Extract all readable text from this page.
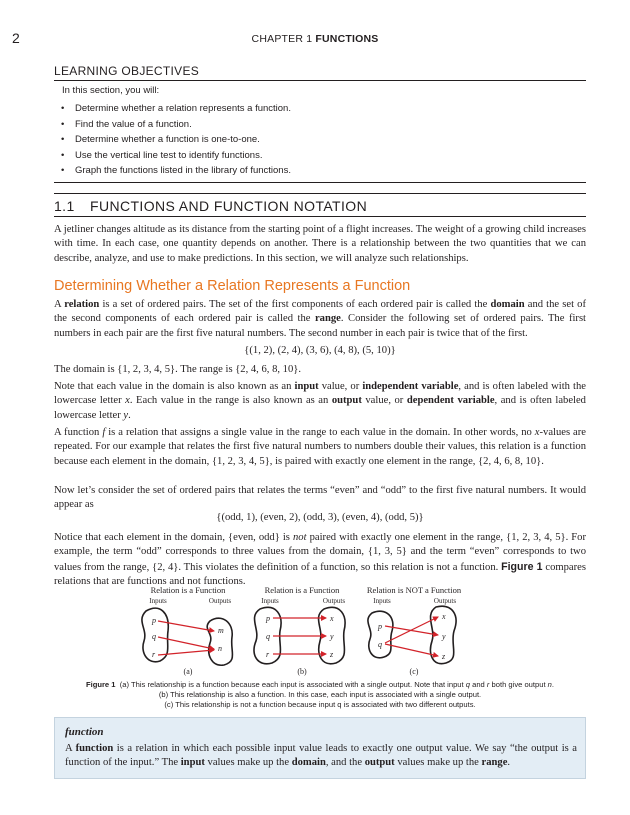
2	CHAPTER 1 FUNCTIONS
LEARNING OBJECTIVES
In this section, you will:
• Determine whether a relation represents a function.
• Find the value of a function.
• Determine whether a function is one-to-one.
• Use the vertical line test to identify functions.
• Graph the functions listed in the library of functions.
1.1 FUNCTIONS AND FUNCTION NOTATION
A jetliner changes altitude as its distance from the starting point of a flight increases. The weight of a growing child increases with time. In each case, one quantity depends on another. There is a relationship between the two quantities that we can describe, analyze, and use to make predictions. In this section, we will analyze such relationships.
Determining Whether a Relation Represents a Function
A relation is a set of ordered pairs. The set of the first components of each ordered pair is called the domain and the set of the second components of each ordered pair is called the range. Consider the following set of ordered pairs. The first numbers in each pair are the first five natural numbers. The second number in each pair is twice that of the first.
{(1, 2), (2, 4), (3, 6), (4, 8), (5, 10)}
The domain is {1, 2, 3, 4, 5}. The range is {2, 4, 6, 8, 10}.
Note that each value in the domain is also known as an input value, or independent variable, and is often labeled with the lowercase letter x. Each value in the range is also known as an output value, or dependent variable, and is often labeled lowercase letter y.
A function f is a relation that assigns a single value in the range to each value in the domain. In other words, no x-values are repeated. For our example that relates the first five natural numbers to numbers double their values, this relation is a function because each element in the domain, {1, 2, 3, 4, 5}, is paired with exactly one element in the range, {2, 4, 6, 8, 10}.
Now let’s consider the set of ordered pairs that relates the terms “even” and “odd” to the first five natural numbers. It would appear as
{(odd, 1), (even, 2), (odd, 3), (even, 4), (odd, 5)}
Notice that each element in the domain, {even, odd} is not paired with exactly one element in the range, {1, 2, 3, 4, 5}. For example, the term “odd” corresponds to three values from the domain, {1, 3, 5} and the term “even” corresponds to two values from the range, {2, 4}. This violates the definition of a function, so this relation is not a function. Figure 1 compares relations that are functions and not functions.
Relation is a Function
Inputs	Outputs
p
q
r
m
n
(a)
Relation is a Function
Inputs	Outputs
p
q
r
x
y
z
(b)
Relation is NOT a Function
Inputs	Outputs
p
q
x
y
z
(c)
Figure 1 (a) This relationship is a function because each input is associated with a single output. Note that input q and r both give output n.
(b) This relationship is also a function. In this case, each input is associated with a single output.
(c) This relationship is not a function because input q is associated with two different outputs.
function
A function is a relation in which each possible input value leads to exactly one output value. We say “the output is a function of the input.” The input values make up the domain, and the output values make up the range.
